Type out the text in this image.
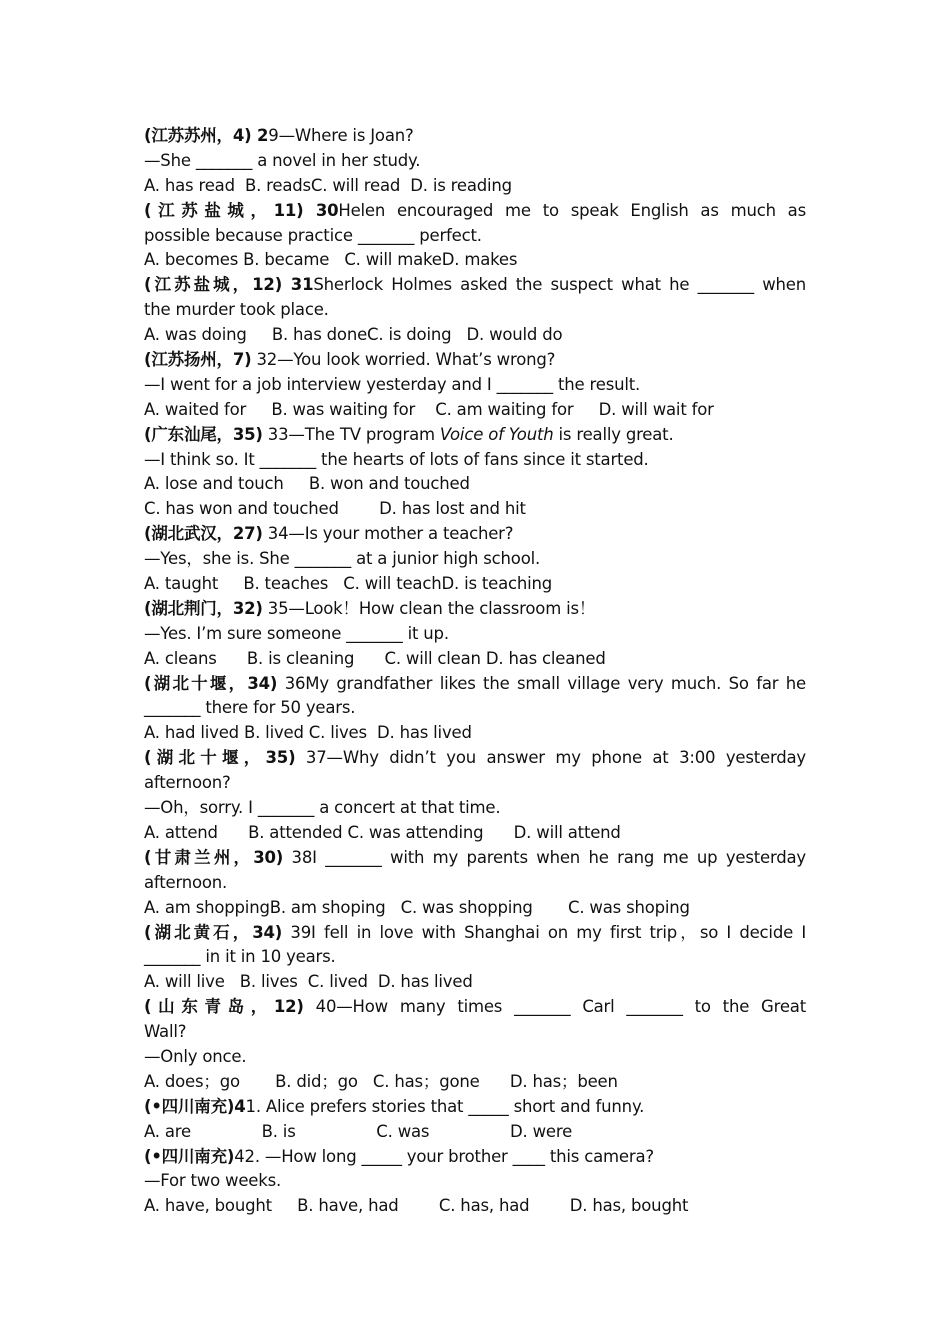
(江苏苏州，4) 29—Where is Joan?
—She _______ a novel in her study.
A. has read  B. readsC. will read  D. is reading
(江苏盐城，11) 30Helen encouraged me to speak English as much as
possible because practice _______ perfect.
A. becomes B. became   C. will makeD. makes
(江苏盐城，12) 31Sherlock Holmes asked the suspect what he _______ when
the murder took place.
A. was doing     B. has doneC. is doing   D. would do
(江苏扬州，7) 32—You look worried. What’s wrong?
—I went for a job interview yesterday and I _______ the result.
A. waited for     B. was waiting for    C. am waiting for     D. will wait for
(广东汕尾，35) 33—The TV program Voice of Youth is really great.
—I think so. It _______ the hearts of lots of fans since it started.
A. lose and touch     B. won and touched
C. has won and touched        D. has lost and hit
(湖北武汉，27) 34—Is your mother a teacher?
—Yes，she is. She _______ at a junior high school.
A. taught     B. teaches   C. will teachD. is teaching
(湖北荆门，32) 35—Look！How clean the classroom is！
—Yes. I’m sure someone _______ it up.
A. cleans      B. is cleaning      C. will clean D. has cleaned
(湖北十堰，34) 36My grandfather likes the small village very much. So far he
_______ there for 50 years.
A. had lived B. lived C. lives  D. has lived
(湖北十堰，35) 37—Why didn’t you answer my phone at 3:00 yesterday
afternoon?
—Oh，sorry. I _______ a concert at that time.
A. attend      B. attended C. was attending      D. will attend
(甘肃兰州，30) 38I _______ with my parents when he rang me up yesterday
afternoon.
A. am shoppingB. am shoping   C. was shopping       C. was shoping
(湖北黄石，34) 39I fell in love with Shanghai on my first trip，so I decide I
_______ in it in 10 years.
A. will live   B. lives  C. lived  D. has lived
(山东青岛，12) 40—How many times _______ Carl _______ to the Great
Wall?
—Only once.
A. does；go       B. did；go   C. has；gone      D. has；been
(•四川南充)41. Alice prefers stories that _____ short and funny.
A. are              B. is                C. was                D. were
(•四川南充)42. —How long _____ your brother ____ this camera?
—For two weeks.
A. have, bought     B. have, had        C. has, had        D. has, bought
